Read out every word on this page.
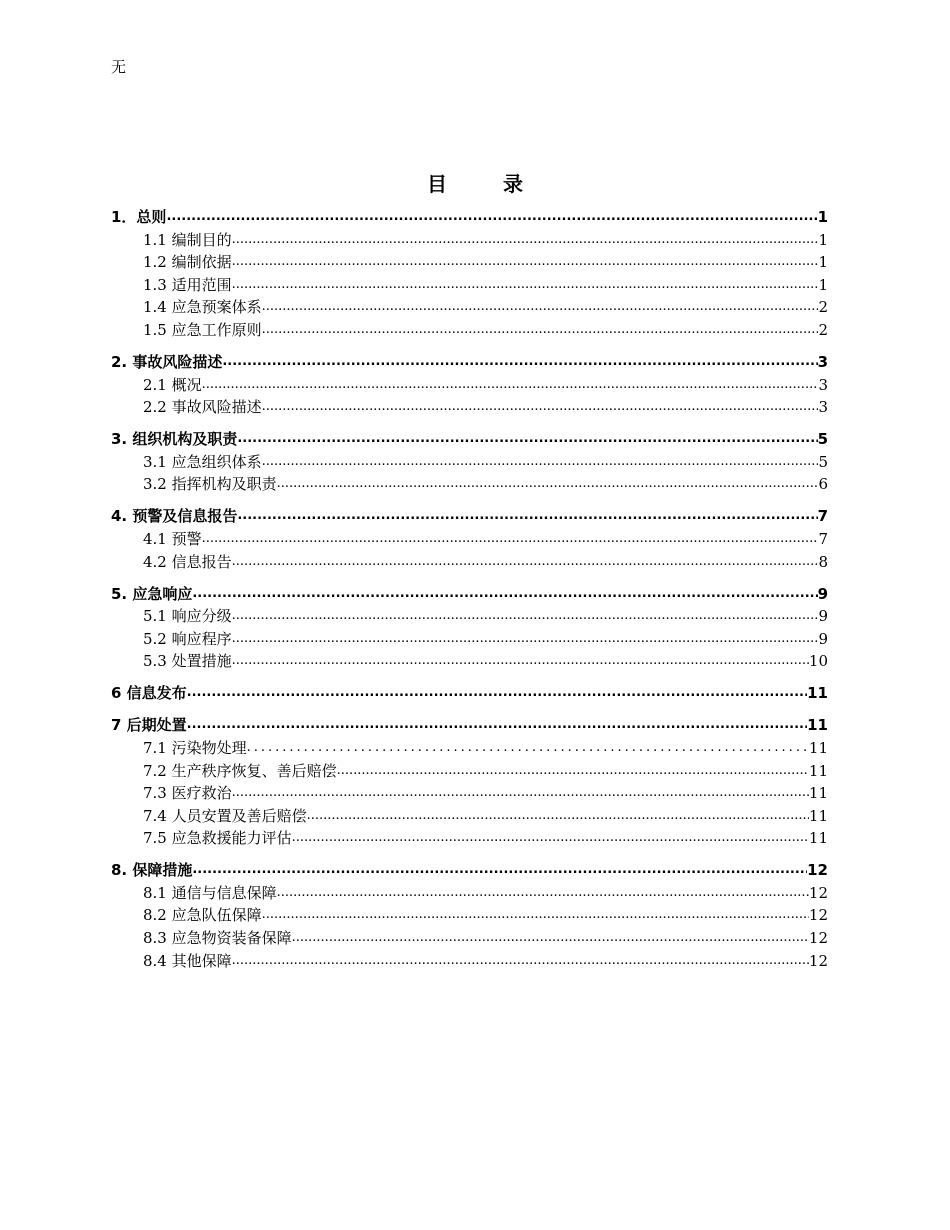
无
目	录
1．总则 .....	1
1.1 编制目的 .....	1
1.2 编制依据 .....	1
1.3 适用范围 .....	1
1.4 应急预案体系 .....	2
1.5 应急工作原则 .....	2
2. 事故风险描述 .....	3
2.1 概况 .....	3
2.2 事故风险描述 .....	3
3. 组织机构及职责 .....	5
3.1 应急组织体系 .....	5
3.2 指挥机构及职责 .....	6
4. 预警及信息报告 .....	7
4.1 预警 .....	7
4.2 信息报告 .....	8
5. 应急响应 .....	9
5.1 响应分级 .....	9
5.2 响应程序 .....	9
5.3 处置措施 .....	10
6 信息发布 .....	11
7 后期处置 .....	11
7.1 污染物处理 .....	11
7.2 生产秩序恢复、善后赔偿 .....	11
7.3 医疗救治 .....	11
7.4 人员安置及善后赔偿 .....	11
7.5 应急救援能力评估 .....	11
8. 保障措施 .....	12
8.1 通信与信息保障 .....	12
8.2 应急队伍保障 .....	12
8.3 应急物资装备保障 .....	12
8.4 其他保障 .....	12
